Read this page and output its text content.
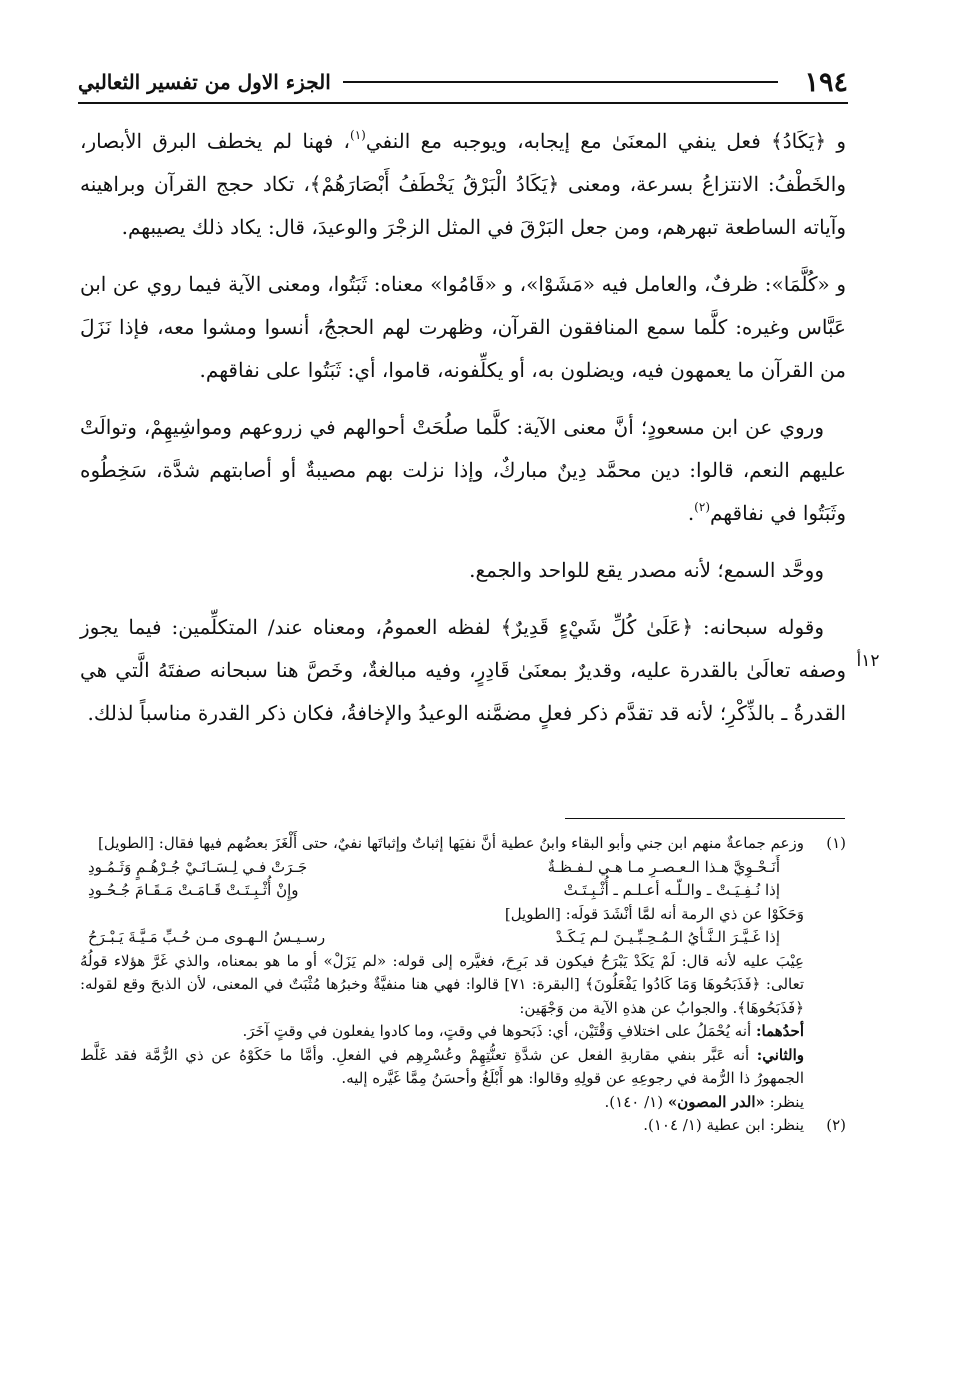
١٩٤
الجزء الاول من تفسير الثعالبي
١٢أ

و ﴿يَكَادُ﴾ فعل ينفي المعنَىٰ مع إيجابه، ويوجبه مع النفي$^{(١)}$، فهنا لم يخطف البرق الأبصار، والخَطْفُ: الانتزاعُ بسرعة، ومعنى ﴿يَكَادُ الْبَرْقُ يَخْطَفُ أَبْصَارَهُمْ﴾، تكاد حجج القرآن وبراهينه وآياته الساطعة تبهرهم، ومن جعل البَرْقَ في المثل الزجْرَ والوعيدَ، قال: يكاد ذلك يصيبهم.

و «كُلَّمَا»: ظرفٌ، والعامل فيه «مَشَوْا»، و «قَامُوا» معناه: ثَبَتُوا، ومعنى الآية فيما روي عن ابن عَبَّاس وغيره: كلَّما سمع المنافقون القرآن، وظهرت لهم الحججُ، أنسوا ومشوا معه، فإذا نَزَلَ من القرآن ما يعمهون فيه، ويضلون به، أو يكلِّفونه، قاموا، أي: ثَبَتُوا على نفاقهم.

وروي عن ابن مسعودٍ؛ أنَّ معنى الآية: كلَّما صلُحَتْ أحوالهم في زروعهم ومواشِيهِمْ، وتوالَتْ عليهم النعم، قالوا: دين محمَّد دِينٌ مباركٌ، وإذا نزلت بهم مصيبةٌ أو أصابتهم شدَّة، سَخِطُوه وثَبَتُوا في نفاقهم$^{(٢)}$.

ووحَّد السمع؛ لأنه مصدر يقع للواحد والجمع.

وقوله سبحانه: ﴿عَلَىٰ كُلِّ شَيْءٍ قَدِيرٌ﴾ لفظه العمومُ، ومعناه عند/ المتكلِّمين: فيما يجوز وصفه تعالَىٰ بالقدرة عليه، وقديرٌ بمعنَىٰ قَادِرٍ، وفيه مبالغةٌ، وخَصَّ هنا سبحانه صفتَهُ الَّتي هي القدرةُ ـ بالذِّكْرِ؛ لأنه قد تقدَّم ذكر فعلٍ مضمَّنه الوعيدُ والإخافةُ، فكان ذكر القدرة مناسباً لذلك.

(١)

وزعم جماعةٌ منهم ابن جني وأبو البقاء وابنُ عطية أنَّ نفيَها إثباتٌ وإثباتَها نفيٌ، حتى أَلْغَزَ بعضُهم فيها فقال: [الطويل]

أَنَـحْـوِيَّ هـذا الـعـصـرِ مـا هـي لـفـظـةٌ
جَـرَتْ فـي لِـسَـانَـيْ جُـرْهُـمٍ وَثَـمُـودِ
إذا نُـفِـيَـتْ ـ والـلّـه أعـلـم ـ أُثْـبِـتَـتْ
وإِنْ أُثْـبِـتَـتْ قَـامَـتْ مَـقَـامَ جُـحُـودِ

وَحَكَوْا عن ذي الرمة أنه لمَّا أنْشَدَ قولَه: [الطويل]

إذا غَـيَّـرَ الـنَّـأيُ الـمُـحِـبِّـيـنَ لـم يَـكَـدْ
رسـيـسُ الـهـوى مـن حُـبِّ مَـيَّـةَ يَـبْـرَحُ

عِيْبَ عليه لأنه قال: لَمْ يَكَدْ يَبْرَحُ فيكون قد بَرِحَ، فغيَّره إلى قوله: «لم يَزَلْ» أو ما هو بمعناه، والذي غَرَّ هؤلاء قولُهُ تعالى: ﴿فَذَبَحُوهَا وَمَا كَادُوا يَفْعَلُونَ﴾ [البقرة: ٧١] قالوا: فهي هنا منفيَّةٌ وخبرُها مُثْبَتٌ في المعنى، لأن الذبحَ وقع لقوله: ﴿فَذَبَحُوهَا﴾. والجوابُ عن هذهِ الآية من وَجْهَين:

أحدُهما: أنه يُحْمَلُ على اختلافِ وَقْتَيْن، أي: ذَبَحوها في وقتٍ، وما كادوا يفعلون في وقتٍ آخَرَ.

والثاني: أنه عَبَّر بنفي مقاربةِ الفعل عن شدَّةِ تعنُّتِهِمْ وعُسْرِهِم في الفعلِ. وأمَّا ما حَكَوْهُ عن ذي الرُّمَّة فقد غَلَّط الجمهورُ ذا الرُّمة في رجوعِهِ عن قولِهِ وقالوا: هو أَبْلَغُ وأحسَنُ مِمَّا غَيَّره إليه.

ينظر: «الدر المصون» (١/ ١٤٠).

(٢)

ينظر: ابن عطية (١/ ١٠٤).
